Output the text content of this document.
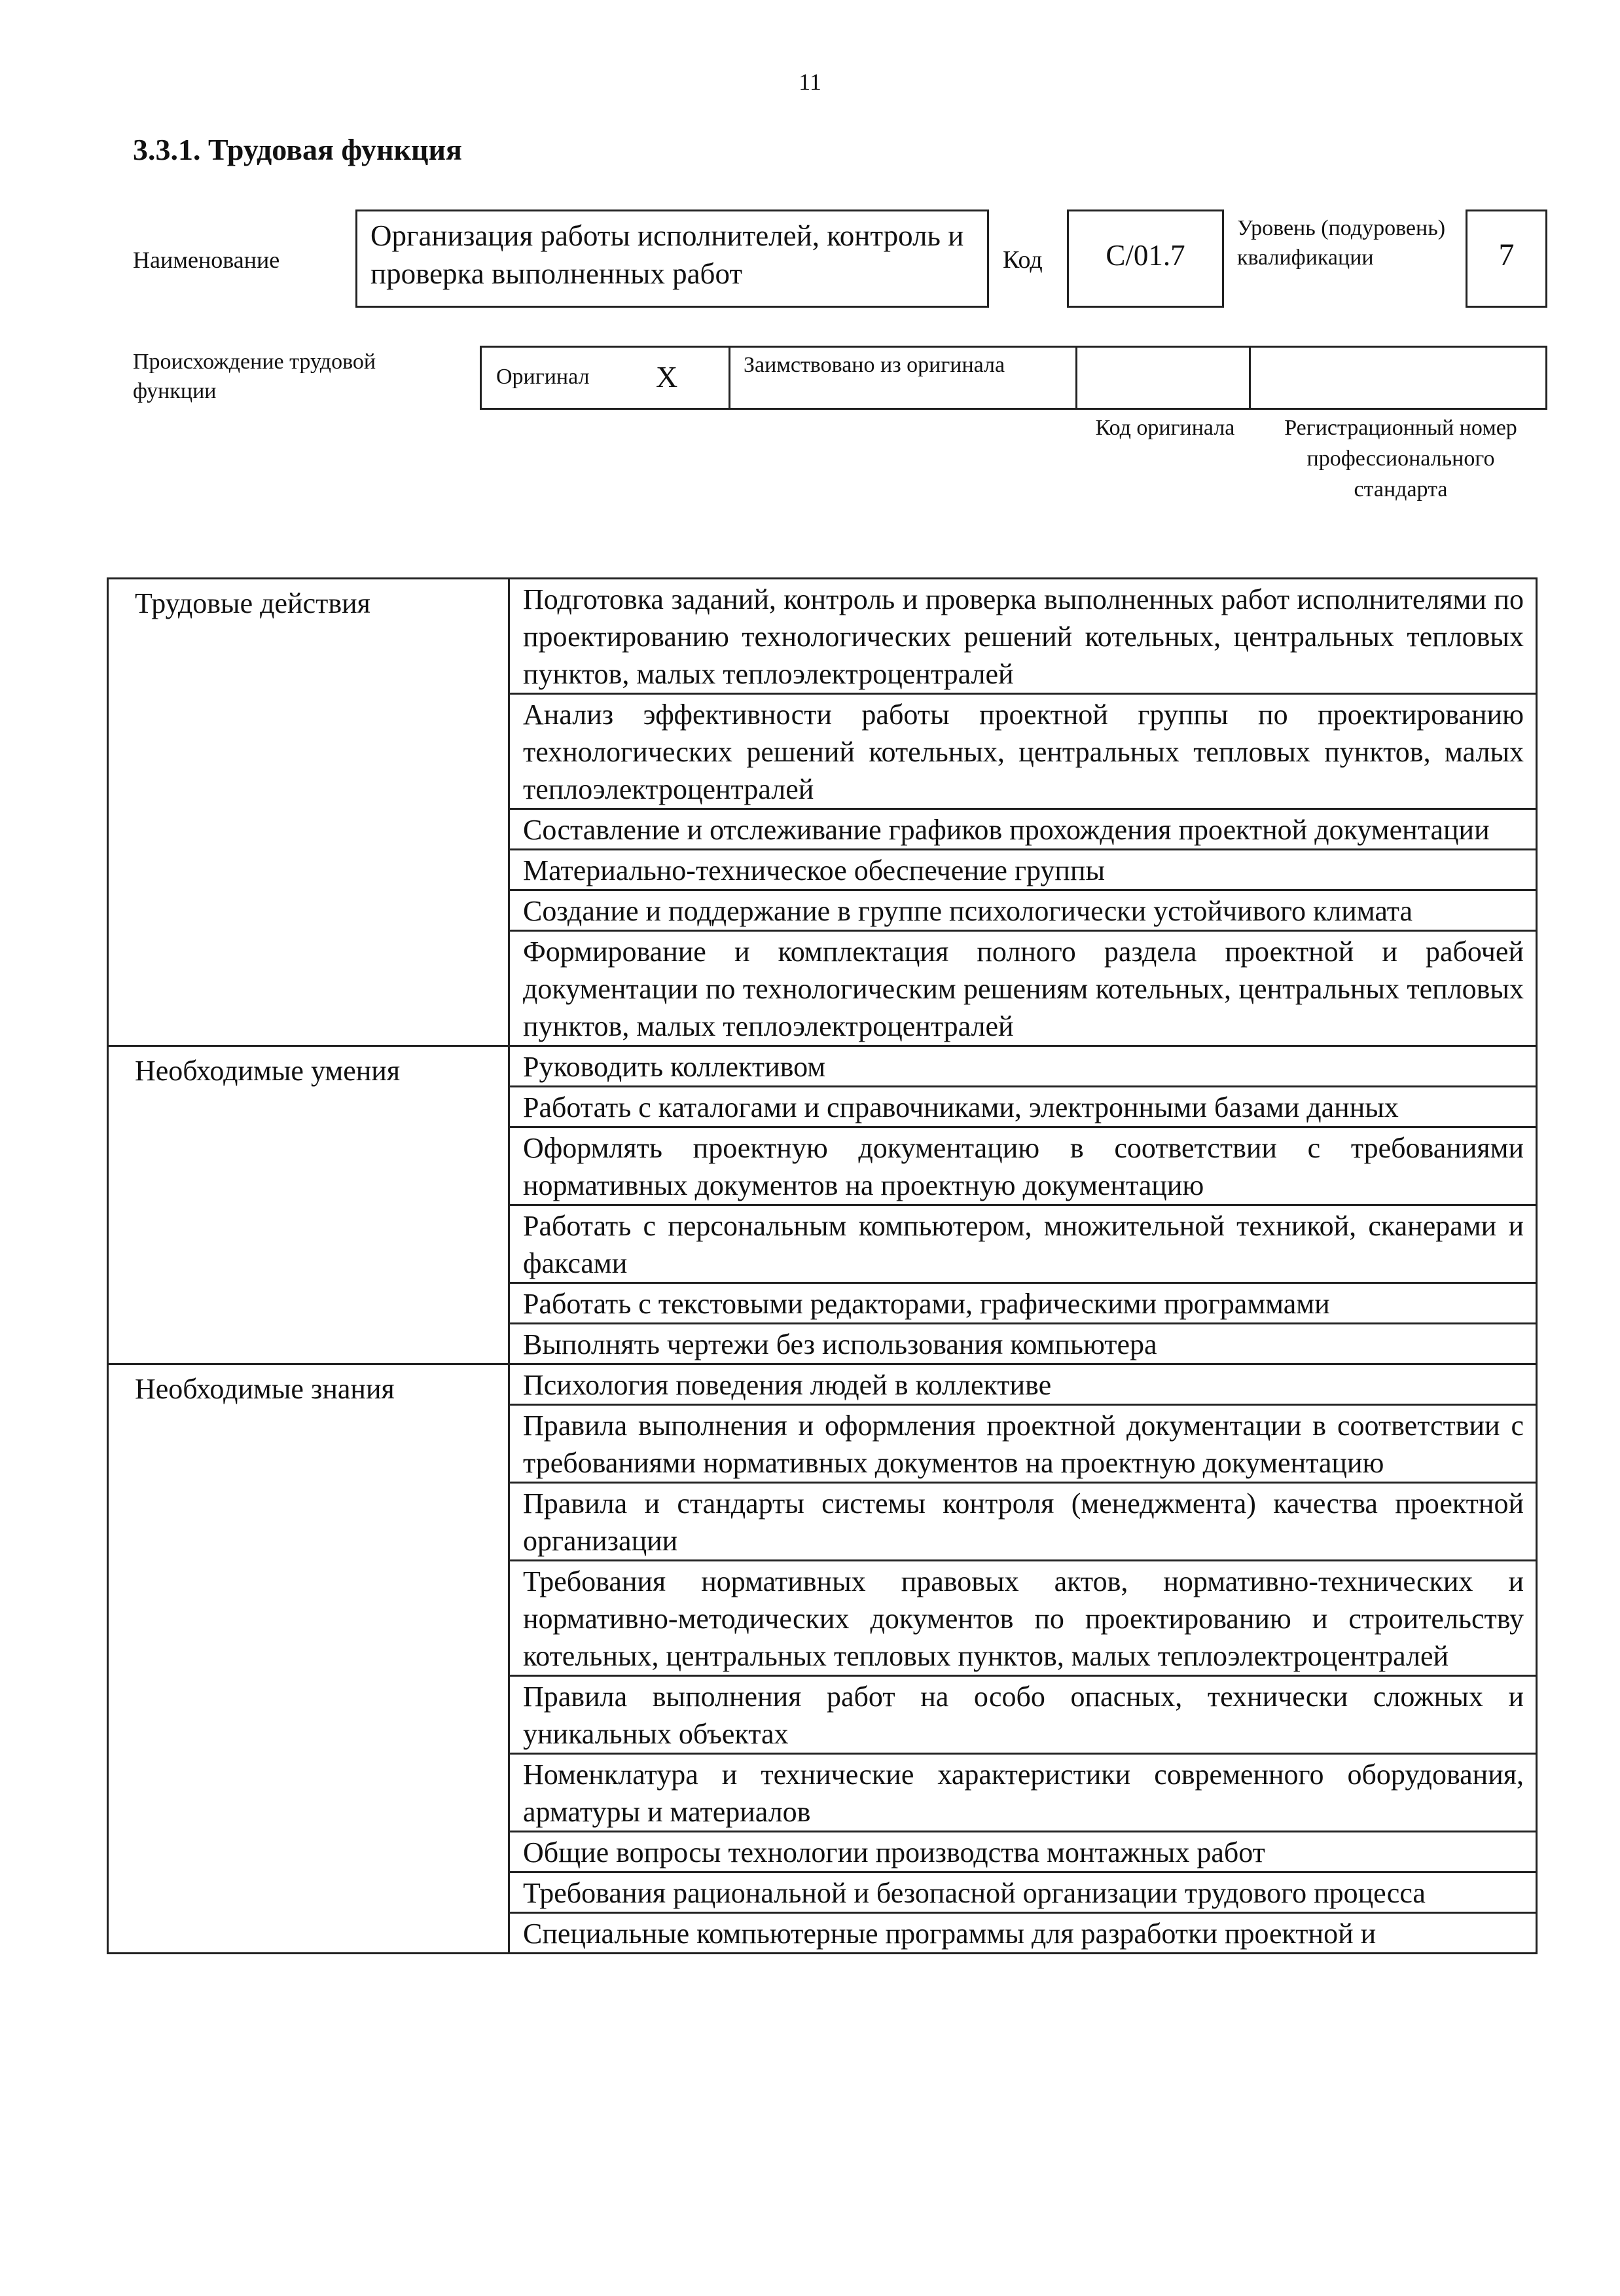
11
3.3.1. Трудовая функция
Наименование
Организация работы исполнителей, контроль и проверка выполненных работ	Код	C/01.7
Уровень (подуровень) квалификации	7
Происхождение трудовой функции
Оригинал X	Заимствовано из оригинала
Код оригинала	Регистрационный номер профессионального стандарта
Трудовые действия	Подготовка заданий, контроль и проверка выполненных работ исполнителями по проектированию технологических решений котельных, центральных тепловых пунктов, малых теплоэлектроцентралей
	Анализ эффективности работы проектной группы по проектированию технологических решений котельных, центральных тепловых пунктов, малых теплоэлектроцентралей
	Составление и отслеживание графиков прохождения проектной документации
	Материально-техническое обеспечение группы
	Создание и поддержание в группе психологически устойчивого климата
	Формирование и комплектация полного раздела проектной и рабочей документации по технологическим решениям котельных, центральных тепловых пунктов, малых теплоэлектроцентралей
Необходимые умения	Руководить коллективом
	Работать с каталогами и справочниками, электронными базами данных
	Оформлять проектную документацию в соответствии с требованиями нормативных документов на проектную документацию
	Работать с персональным компьютером, множительной техникой, сканерами и факсами
	Работать с текстовыми редакторами, графическими программами
	Выполнять чертежи без использования компьютера
Необходимые знания	Психология поведения людей в коллективе
	Правила выполнения и оформления проектной документации в соответствии с требованиями нормативных документов на проектную документацию
	Правила и стандарты системы контроля (менеджмента) качества проектной организации
	Требования нормативных правовых актов, нормативно-технических и нормативно-методических документов по проектированию и строительству котельных, центральных тепловых пунктов, малых теплоэлектроцентралей
	Правила выполнения работ на особо опасных, технически сложных и уникальных объектах
	Номенклатура и технические характеристики современного оборудования, арматуры и материалов
	Общие вопросы технологии производства монтажных работ
	Требования рациональной и безопасной организации трудового процесса
	Специальные компьютерные программы для разработки проектной и
